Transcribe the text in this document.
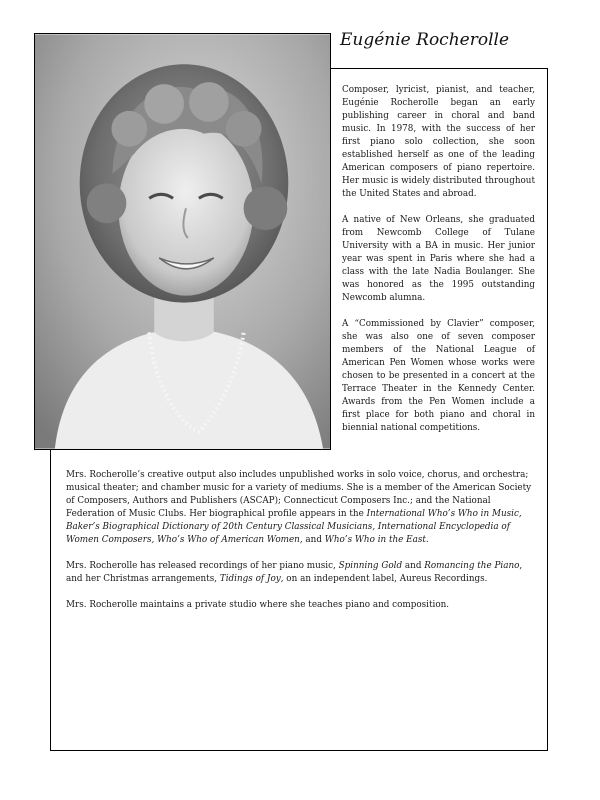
Eugénie Rocherolle

Composer, lyricist, pianist, and teacher, Eugénie Rocherolle began an early publishing career in choral and band music. In 1978, with the success of her first piano solo collection, she soon established herself as one of the leading American composers of piano repertoire. Her music is widely distributed throughout the United States and abroad.

A native of New Orleans, she graduated from Newcomb College of Tulane University with a BA in music. Her junior year was spent in Paris where she had a class with the late Nadia Boulanger. She was honored as the 1995 outstanding Newcomb alumna.

A “Commissioned by Clavier” composer, she was also one of seven composer members of the National League of American Pen Women whose works were chosen to be presented in a concert at the Terrace Theater in the Kennedy Center. Awards from the Pen Women include a first place for both piano and choral in biennial national competitions.

Mrs. Rocherolle’s creative output also includes unpublished works in solo voice, chorus, and orchestra; musical theater; and chamber music for a variety of mediums. She is a member of the American Society of Composers, Authors and Publishers (ASCAP); Connecticut Composers Inc.; and the National Federation of Music Clubs. Her biographical profile appears in the International Who’s Who in Music, Baker’s Biographical Dictionary of 20th Century Classical Musicians, International Encyclopedia of Women Composers, Who’s Who of American Women, and Who’s Who in the East.

Mrs. Rocherolle has released recordings of her piano music, Spinning Gold and Romancing the Piano, and her Christmas arrangements, Tidings of Joy, on an independent label, Aureus Recordings.

Mrs. Rocherolle maintains a private studio where she teaches piano and composition.
